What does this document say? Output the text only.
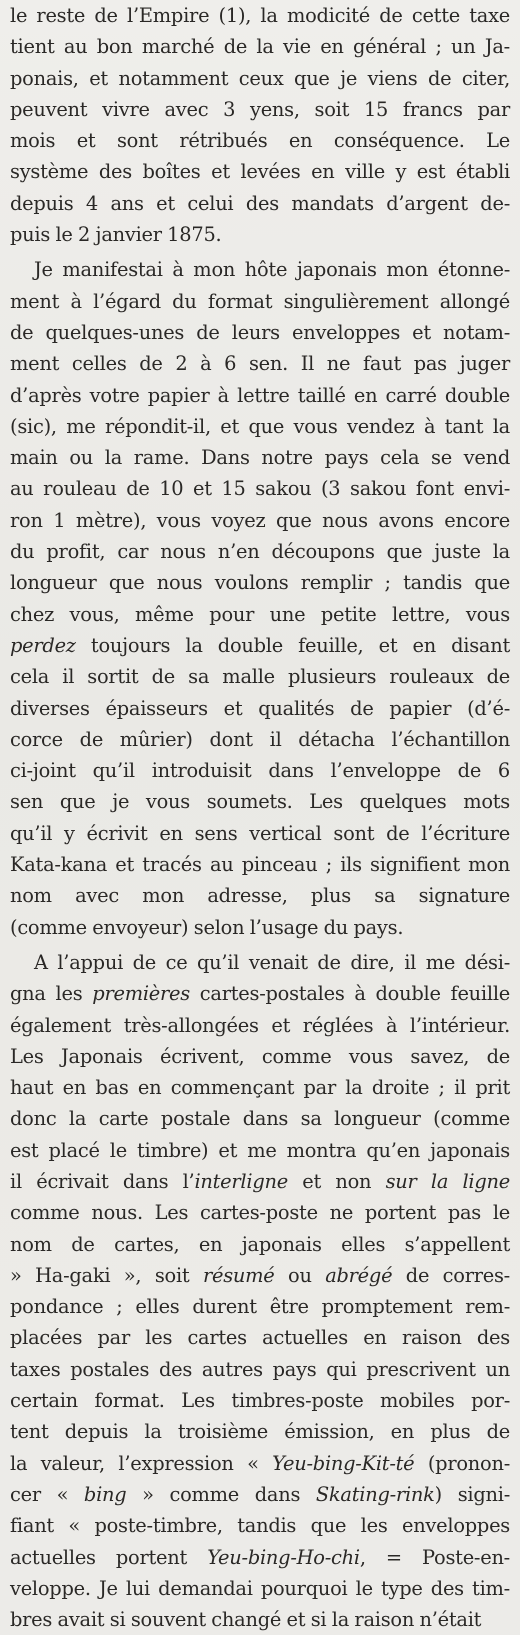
le reste de l’Empire (1), la modicité de cette taxe
tient au bon marché de la vie en général ; un Ja-
ponais, et notamment ceux que je viens de citer,
peuvent vivre avec 3 yens, soit 15 francs par
mois et sont rétribués en conséquence. Le
système des boîtes et levées en ville y est établi
depuis 4 ans et celui des mandats d’argent de-
puis le 2 janvier 1875.
Je manifestai à mon hôte japonais mon étonne-
ment à l’égard du format singulièrement allongé
de quelques-unes de leurs enveloppes et notam-
ment celles de 2 à 6 sen. Il ne faut pas juger
d’après votre papier à lettre taillé en carré double
(sic), me répondit-il, et que vous vendez à tant la
main ou la rame. Dans notre pays cela se vend
au rouleau de 10 et 15 sakou (3 sakou font envi-
ron 1 mètre), vous voyez que nous avons encore
du profit, car nous n’en découpons que juste la
longueur que nous voulons remplir ; tandis que
chez vous, même pour une petite lettre, vous
perdez toujours la double feuille, et en disant
cela il sortit de sa malle plusieurs rouleaux de
diverses épaisseurs et qualités de papier (d’é-
corce de mûrier) dont il détacha l’échantillon
ci-joint qu’il introduisit dans l’enveloppe de 6
sen que je vous soumets. Les quelques mots
qu’il y écrivit en sens vertical sont de l’écriture
Kata-kana et tracés au pinceau ; ils signifient mon
nom avec mon adresse, plus sa signature
(comme envoyeur) selon l’usage du pays.
A l’appui de ce qu’il venait de dire, il me dési-
gna les premières cartes-postales à double feuille
également très-allongées et réglées à l’intérieur.
Les Japonais écrivent, comme vous savez, de
haut en bas en commençant par la droite ; il prit
donc la carte postale dans sa longueur (comme
est placé le timbre) et me montra qu’en japonais
il écrivait dans l’interligne et non sur la ligne
comme nous. Les cartes-poste ne portent pas le
nom de cartes, en japonais elles s’appellent
» Ha-gaki », soit résumé ou abrégé de corres-
pondance ; elles durent être promptement rem-
placées par les cartes actuelles en raison des
taxes postales des autres pays qui prescrivent un
certain format. Les timbres-poste mobiles por-
tent depuis la troisième émission, en plus de
la valeur, l’expression « Yeu-bing-Kit-té (pronon-
cer « bing » comme dans Skating-rink) signi-
fiant « poste-timbre, tandis que les enveloppes
actuelles portent Yeu-bing-Ho-chi, = Poste-en-
veloppe. Je lui demandai pourquoi le type des tim-
bres avait si souvent changé et si la raison n’était
